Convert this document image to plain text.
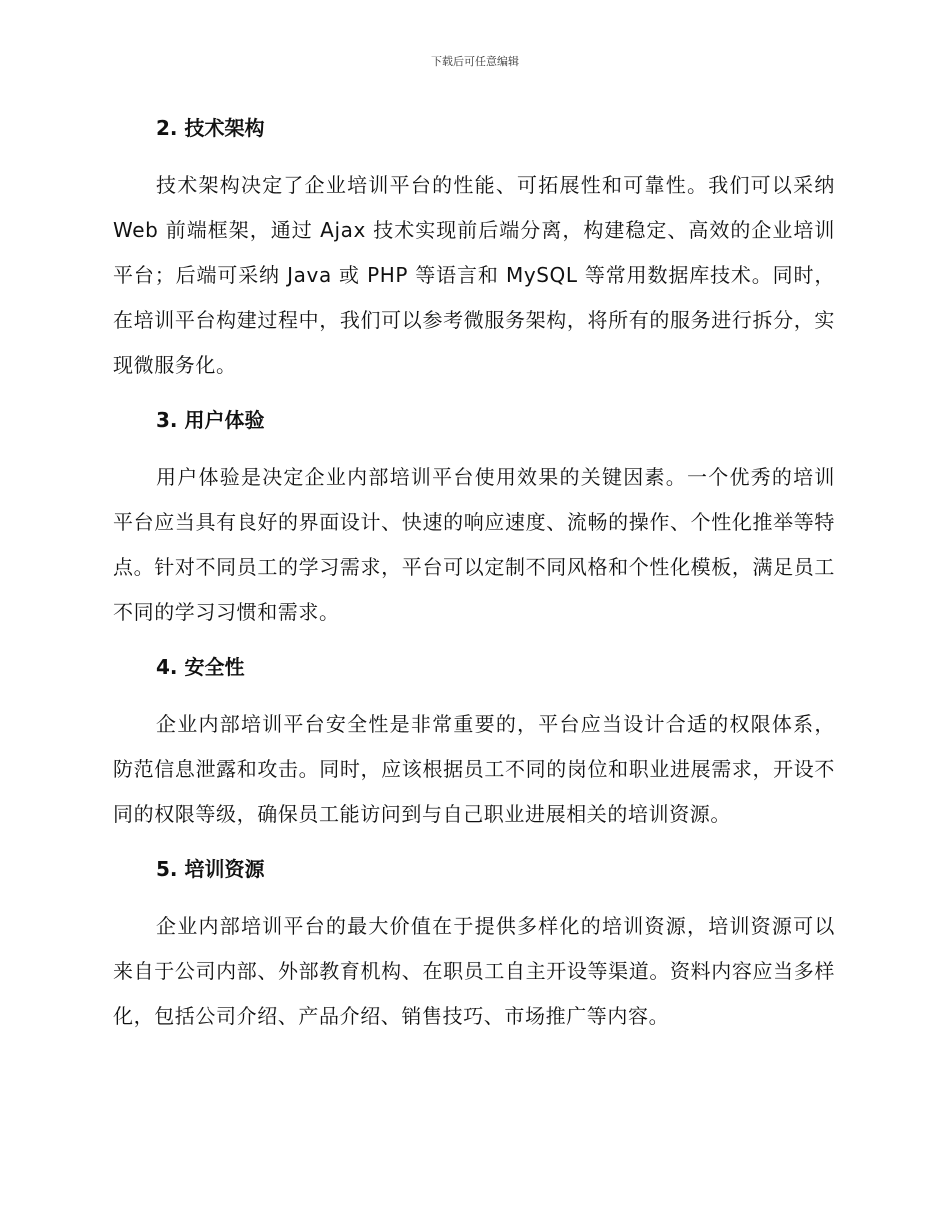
下载后可任意编辑
2. 技术架构

技术架构决定了企业培训平台的性能、可拓展性和可靠性。我们可以采纳 Web 前端框架，通过 Ajax 技术实现前后端分离，构建稳定、高效的企业培训平台；后端可采纳 Java 或 PHP 等语言和 MySQL 等常用数据库技术。同时，在培训平台构建过程中，我们可以参考微服务架构，将所有的服务进行拆分，实现微服务化。

3. 用户体验

用户体验是决定企业内部培训平台使用效果的关键因素。一个优秀的培训平台应当具有良好的界面设计、快速的响应速度、流畅的操作、个性化推举等特点。针对不同员工的学习需求，平台可以定制不同风格和个性化模板，满足员工不同的学习习惯和需求。

4. 安全性

企业内部培训平台安全性是非常重要的，平台应当设计合适的权限体系，防范信息泄露和攻击。同时，应该根据员工不同的岗位和职业进展需求，开设不同的权限等级，确保员工能访问到与自己职业进展相关的培训资源。

5. 培训资源

企业内部培训平台的最大价值在于提供多样化的培训资源，培训资源可以来自于公司内部、外部教育机构、在职员工自主开设等渠道。资料内容应当多样化，包括公司介绍、产品介绍、销售技巧、市场推广等内容。
